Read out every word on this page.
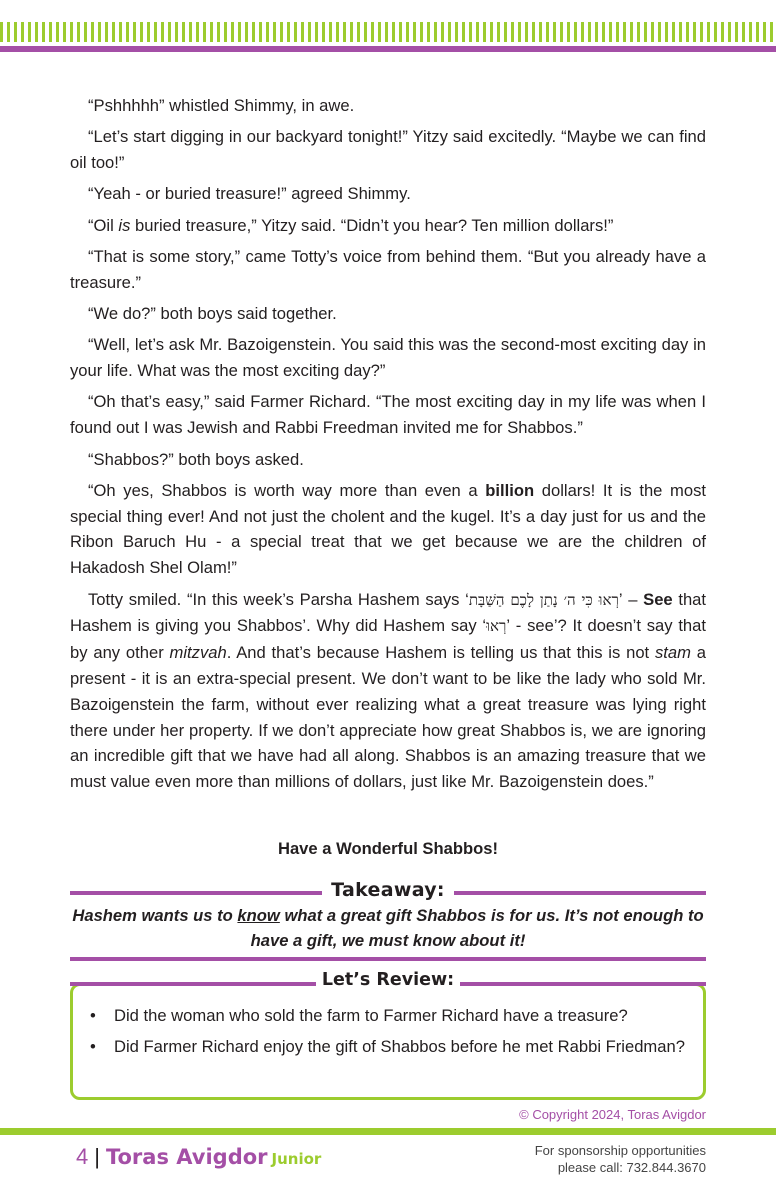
“Pshhhhh” whistled Shimmy, in awe.

“Let’s start digging in our backyard tonight!” Yitzy said excitedly. “Maybe we can find oil too!”

“Yeah - or buried treasure!” agreed Shimmy.

“Oil is buried treasure,” Yitzy said. “Didn’t you hear? Ten million dollars!”

“That is some story,” came Totty’s voice from behind them. “But you already have a treasure.”

“We do?” both boys said together.

“Well, let’s ask Mr. Bazoigenstein. You said this was the second-most exciting day in your life. What was the most exciting day?”

“Oh that’s easy,” said Farmer Richard. “The most exciting day in my life was when I found out I was Jewish and Rabbi Freedman invited me for Shabbos.”

“Shabbos?” both boys asked.

“Oh yes, Shabbos is worth way more than even a billion dollars! It is the most special thing ever! And not just the cholent and the kugel. It’s a day just for us and the Ribon Baruch Hu - a special treat that we get because we are the children of Hakadosh Shel Olam!”

Totty smiled. “In this week’s Parsha Hashem says ‘רְאוּ כִּי ה׳ נָתַן לָכֶם הַשַּׁבָּת’ – See that Hashem is giving you Shabbos’. Why did Hashem say ‘רְאוּ’ - see’? It doesn’t say that by any other mitzvah. And that’s because Hashem is telling us that this is not stam a present - it is an extra-special present. We don’t want to be like the lady who sold Mr. Bazoigenstein the farm, without ever realizing what a great treasure was lying right there under her property. If we don’t appreciate how great Shabbos is, we are ignoring an incredible gift that we have had all along. Shabbos is an amazing treasure that we must value even more than millions of dollars, just like Mr. Bazoigenstein does.”

Have a Wonderful Shabbos!
Takeaway:
Hashem wants us to know what a great gift Shabbos is for us. It’s not enough to have a gift, we must know about it!
Let’s Review:
• Did the woman who sold the farm to Farmer Richard have a treasure?
• Did Farmer Richard enjoy the gift of Shabbos before he met Rabbi Friedman?
© Copyright 2024, Toras Avigdor
4 | Toras Avigdor Junior	For sponsorship opportunities
please call: 732.844.3670
